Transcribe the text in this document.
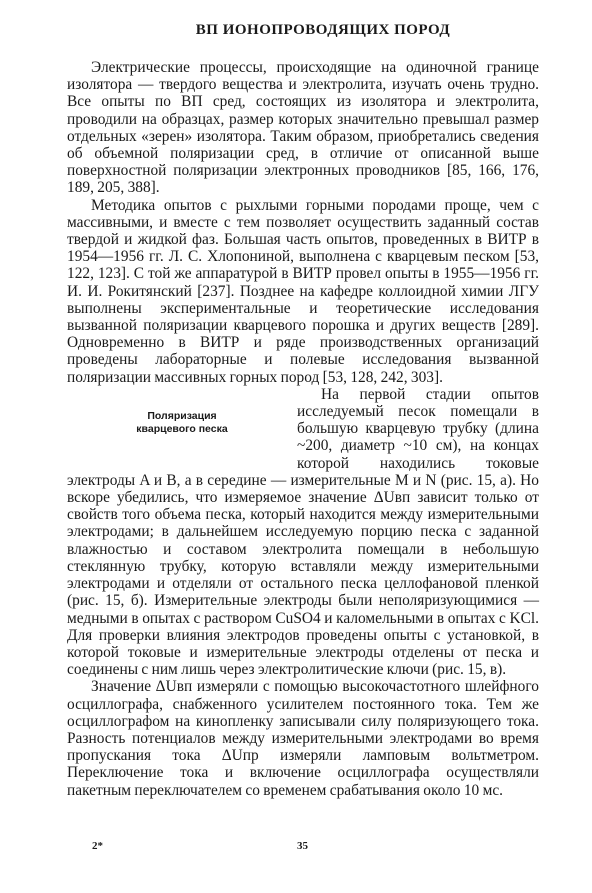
ВП ИОНОПРОВОДЯЩИХ ПОРОД

Электрические процессы, происходящие на одиночной границе изолятора — твердого вещества и электролита, изучать очень трудно. Все опыты по ВП сред, состоящих из изолятора и электролита, проводили на образцах, размер которых значительно превышал размер отдельных «зерен» изолятора. Таким образом, приобретались сведения об объемной поляризации сред, в отличие от описанной выше поверхностной поляризации электронных проводников [85, 166, 176, 189, 205, 388].

Методика опытов с рыхлыми горными породами проще, чем с массивными, и вместе с тем позволяет осуществить заданный состав твердой и жидкой фаз. Большая часть опытов, проведенных в ВИТР в 1954—1956 гг. Л. С. Хлопониной, выполнена с кварцевым песком [53, 122, 123]. С той же аппаратурой в ВИТР провел опыты в 1955—1956 гг. И. И. Рокитянский [237]. Позднее на кафедре коллоидной химии ЛГУ выполнены экспериментальные и теоретические исследования вызванной поляризации кварцевого порошка и других веществ [289]. Одновременно в ВИТР и ряде производственных организаций проведены лабораторные и полевые исследования вызванной поляризации массивных горных пород [53, 128, 242, 303].

Поляризация
кварцевого песка

На первой стадии опытов исследуемый песок помещали в большую кварцевую трубку (длина ~200, диаметр ~10 см), на концах которой находились токовые электроды A и B, а в середине — измерительные M и N (рис. 15, а). Но вскоре убедились, что измеряемое значение ΔUвп зависит только от свойств того объема песка, который находится между измерительными электродами; в дальнейшем исследуемую порцию песка с заданной влажностью и составом электролита помещали в небольшую стеклянную трубку, которую вставляли между измерительными электродами и отделяли от остального песка целлофановой пленкой (рис. 15, б). Измерительные электроды были неполяризующимися — медными в опытах с раствором CuSO4 и каломельными в опытах с KCl. Для проверки влияния электродов проведены опыты с установкой, в которой токовые и измерительные электроды отделены от песка и соединены с ним лишь через электролитические ключи (рис. 15, в).

Значение ΔUвп измеряли с помощью высокочастотного шлейфного осциллографа, снабженного усилителем постоянного тока. Тем же осциллографом на кинопленку записывали силу поляризующего тока. Разность потенциалов между измерительными электродами во время пропускания тока ΔUпр измеряли ламповым вольтметром. Переключение тока и включение осциллографа осуществляли пакетным переключателем со временем срабатывания около 10 мс.

2*	35
